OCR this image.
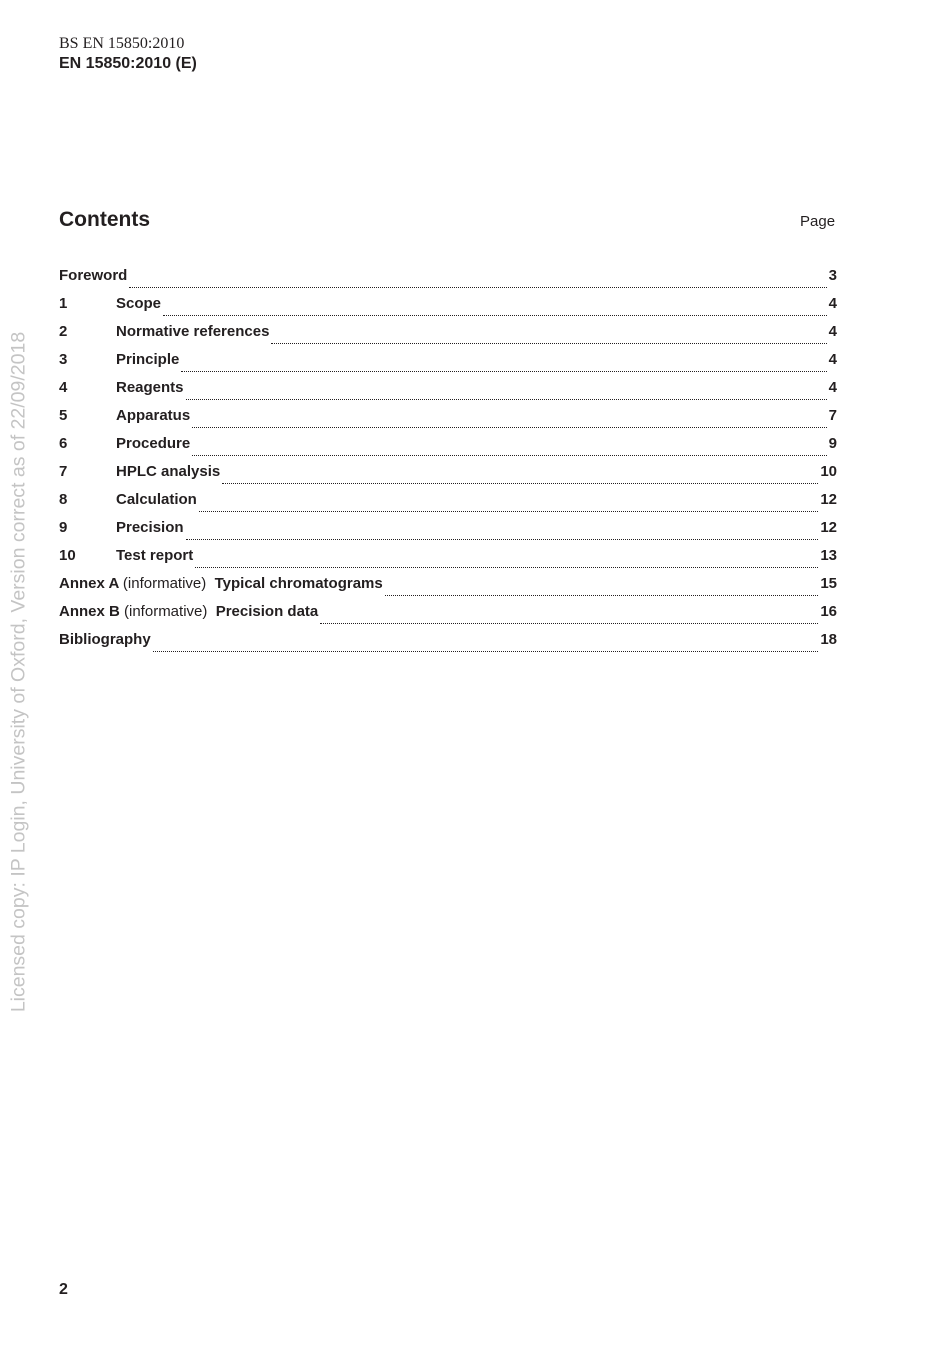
BS EN 15850:2010
EN 15850:2010 (E)
Contents	Page
Foreword	3
1	Scope	4
2	Normative references	4
3	Principle	4
4	Reagents	4
5	Apparatus	7
6	Procedure	9
7	HPLC analysis	10
8	Calculation	12
9	Precision	12
10	Test report	13
Annex A (informative) Typical chromatograms	15
Annex B (informative) Precision data	16
Bibliography	18
Licensed copy: IP Login, University of Oxford, Version correct as of 22/09/2018
2
